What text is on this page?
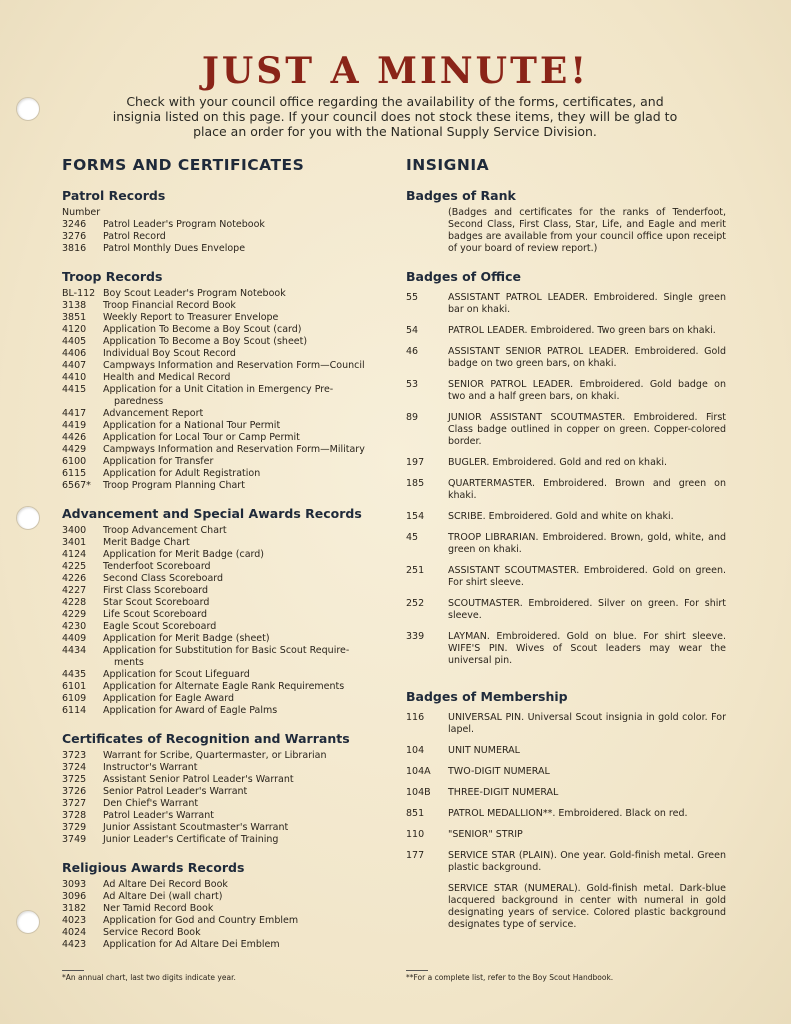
JUST A MINUTE!
Check with your council office regarding the availability of the forms, certificates, and insignia listed on this page. If your council does not stock these items, they will be glad to place an order for you with the National Supply Service Division.
FORMS AND CERTIFICATES
Patrol Records
Number
3246	Patrol Leader's Program Notebook
3276	Patrol Record
3816	Patrol Monthly Dues Envelope
Troop Records
BL-112 Boy Scout Leader's Program Notebook
3138	Troop Financial Record Book
3851	Weekly Report to Treasurer Envelope
4120	Application To Become a Boy Scout (card)
4405	Application To Become a Boy Scout (sheet)
4406	Individual Boy Scout Record
4407	Campways Information and Reservation Form—Council
4410	Health and Medical Record
4415	Application for a Unit Citation in Emergency Pre-
paredness
4417	Advancement Report
4419	Application for a National Tour Permit
4426	Application for Local Tour or Camp Permit
4429	Campways Information and Reservation Form—Military
6100	Application for Transfer
6115	Application for Adult Registration
6567*	Troop Program Planning Chart
Advancement and Special Awards Records
3400	Troop Advancement Chart
3401	Merit Badge Chart
4124	Application for Merit Badge (card)
4225	Tenderfoot Scoreboard
4226	Second Class Scoreboard
4227	First Class Scoreboard
4228	Star Scout Scoreboard
4229	Life Scout Scoreboard
4230	Eagle Scout Scoreboard
4409	Application for Merit Badge (sheet)
4434	Application for Substitution for Basic Scout Require-
ments
4435	Application for Scout Lifeguard
6101	Application for Alternate Eagle Rank Requirements
6109	Application for Eagle Award
6114	Application for Award of Eagle Palms
Certificates of Recognition and Warrants
3723	Warrant for Scribe, Quartermaster, or Librarian
3724	Instructor's Warrant
3725	Assistant Senior Patrol Leader's Warrant
3726	Senior Patrol Leader's Warrant
3727	Den Chief's Warrant
3728	Patrol Leader's Warrant
3729	Junior Assistant Scoutmaster's Warrant
3749	Junior Leader's Certificate of Training
Religious Awards Records
3093	Ad Altare Dei Record Book
3096	Ad Altare Dei (wall chart)
3182	Ner Tamid Record Book
4023	Application for God and Country Emblem
4024	Service Record Book
4423	Application for Ad Altare Dei Emblem
INSIGNIA
Badges of Rank
(Badges and certificates for the ranks of Tenderfoot, Second Class, First Class, Star, Life, and Eagle and merit badges are available from your council office upon receipt of your board of review report.)
Badges of Office
55	ASSISTANT PATROL LEADER. Embroidered. Single green bar on khaki.
54	PATROL LEADER. Embroidered. Two green bars on khaki.
46	ASSISTANT SENIOR PATROL LEADER. Embroidered. Gold badge on two green bars, on khaki.
53	SENIOR PATROL LEADER. Embroidered. Gold badge on two and a half green bars, on khaki.
89	JUNIOR ASSISTANT SCOUTMASTER. Embroidered. First Class badge outlined in copper on green. Copper-colored border.
197	BUGLER. Embroidered. Gold and red on khaki.
185	QUARTERMASTER. Embroidered. Brown and green on khaki.
154	SCRIBE. Embroidered. Gold and white on khaki.
45	TROOP LIBRARIAN. Embroidered. Brown, gold, white, and green on khaki.
251	ASSISTANT SCOUTMASTER. Embroidered. Gold on green. For shirt sleeve.
252	SCOUTMASTER. Embroidered. Silver on green. For shirt sleeve.
339	LAYMAN. Embroidered. Gold on blue. For shirt sleeve. WIFE'S PIN. Wives of Scout leaders may wear the universal pin.
Badges of Membership
116	UNIVERSAL PIN. Universal Scout insignia in gold color. For lapel.
104	UNIT NUMERAL
104A	TWO-DIGIT NUMERAL
104B	THREE-DIGIT NUMERAL
851	PATROL MEDALLION**. Embroidered. Black on red.
110	"SENIOR" STRIP
177	SERVICE STAR (PLAIN). One year. Gold-finish metal. Green plastic background.
SERVICE STAR (NUMERAL). Gold-finish metal. Dark-blue lacquered background in center with numeral in gold designating years of service. Colored plastic background designates type of service.
*An annual chart, last two digits indicate year.	**For a complete list, refer to the Boy Scout Handbook.
